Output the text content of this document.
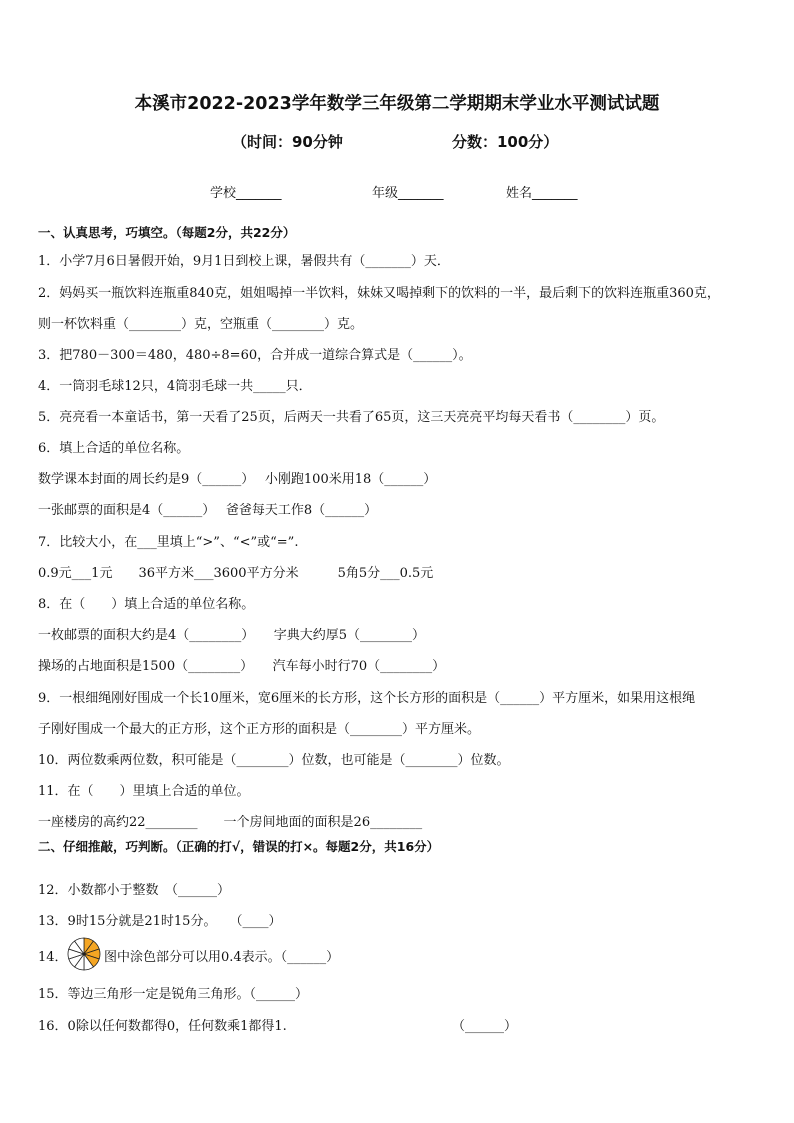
本溪市2022-2023学年数学三年级第二学期期末学业水平测试试题
（时间：90分钟	分数：100分）
学校_______	年级_______	姓名_______
一、认真思考，巧填空。（每题2分，共22分）
1．小学7月6日暑假开始，9月1日到校上课，暑假共有（_______）天．
2．妈妈买一瓶饮料连瓶重840克，姐姐喝掉一半饮料，妹妹又喝掉剩下的饮料的一半，最后剩下的饮料连瓶重360克，
则一杯饮料重（________）克，空瓶重（________）克。
3．把780－300＝480，480÷8=60，合并成一道综合算式是（______）。
4．一筒羽毛球12只，4筒羽毛球一共_____只．
5．亮亮看一本童话书，第一天看了25页，后两天一共看了65页，这三天亮亮平均每天看书（________）页。
6．填上合适的单位名称。
数学课本封面的周长约是9（______）　 小刚跑100米用18（______）
一张邮票的面积是4（______）　 爸爸每天工作8（______）
7．比较大小，在___里填上“>”、“<”或“=”.
0.9元___1元　　36平方米___3600平方分米　　　5角5分___0.5元
8．在（　　）填上合适的单位名称。
一枚邮票的面积大约是4（________）　　字典大约厚5（________）
操场的占地面积是1500（________）　　汽车每小时行70（________）
9．一根细绳刚好围成一个长10厘米，宽6厘米的长方形，这个长方形的面积是（______）平方厘米，如果用这根绳
子刚好围成一个最大的正方形，这个正方形的面积是（________）平方厘米。
10．两位数乘两位数，积可能是（________）位数，也可能是（________）位数。
11．在（　　）里填上合适的单位。
一座楼房的高约22________　　一个房间地面的面积是26________
二、仔细推敲，巧判断。（正确的打√，错误的打×。每题2分，共16分）
12．小数都小于整数　（______）
13．9时15分就是21时15分。　　（____）
14．	图中涂色部分可以用0.4表示。（______）
15．等边三角形一定是锐角三角形。（______）
16．0除以任何数都得0，任何数乘1都得1.	（______）
